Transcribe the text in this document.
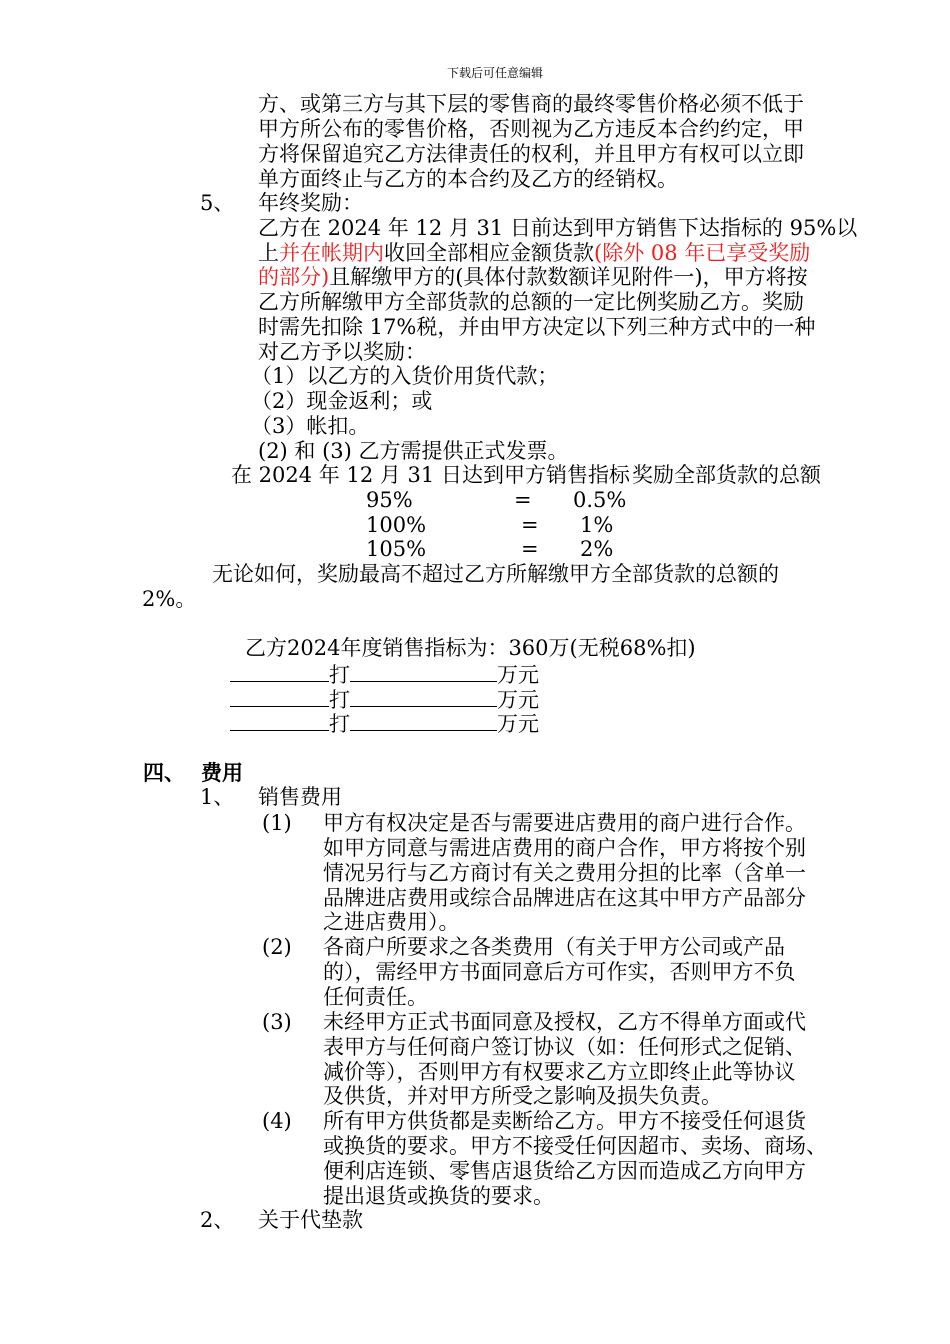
下载后可任意编辑
方、或第三方与其下层的零售商的最终零售价格必须不低于
甲方所公布的零售价格，否则视为乙方违反本合约约定，甲
方将保留追究乙方法律责任的权利，并且甲方有权可以立即
单方面终止与乙方的本合约及乙方的经销权。
5、 年终奖励：
乙方在 2024 年 12 月 31 日前达到甲方销售下达指标的 95%以
上并在帐期内收回全部相应金额货款(除外 08 年已享受奖励
的部分)且解缴甲方的(具体付款数额详见附件一)，甲方将按
乙方所解缴甲方全部货款的总额的一定比例奖励乙方。奖励
时需先扣除 17%税，并由甲方决定以下列三种方式中的一种
对乙方予以奖励：
（1）以乙方的入货价用货代款；
（2）现金返利；或
（3）帐扣。
(2) 和 (3) 乙方需提供正式发票。
在 2024 年 12 月 31 日达到甲方销售指标 奖励全部货款的总额
95%	= 0.5%
100%	= 1%
105%	= 2%
无论如何，奖励最高不超过乙方所解缴甲方全部货款的总额的
2%。
乙方2024年度销售指标为：360万(无税68%扣)
打	万元
打	万元
打	万元
四、 费用
1、 销售费用
(1) 甲方有权决定是否与需要进店费用的商户进行合作。
如甲方同意与需进店费用的商户合作，甲方将按个别
情况另行与乙方商讨有关之费用分担的比率（含单一
品牌进店费用或综合品牌进店在这其中甲方产品部分
之进店费用）。
(2) 各商户所要求之各类费用（有关于甲方公司或产品
的），需经甲方书面同意后方可作实，否则甲方不负
任何责任。
(3) 未经甲方正式书面同意及授权，乙方不得单方面或代
表甲方与任何商户签订协议（如：任何形式之促销、
减价等），否则甲方有权要求乙方立即终止此等协议
及供货，并对甲方所受之影响及损失负责。
(4) 所有甲方供货都是卖断给乙方。甲方不接受任何退货
或换货的要求。甲方不接受任何因超市、卖场、商场、
便利店连锁、零售店退货给乙方因而造成乙方向甲方
提出退货或换货的要求。
2、 关于代垫款
